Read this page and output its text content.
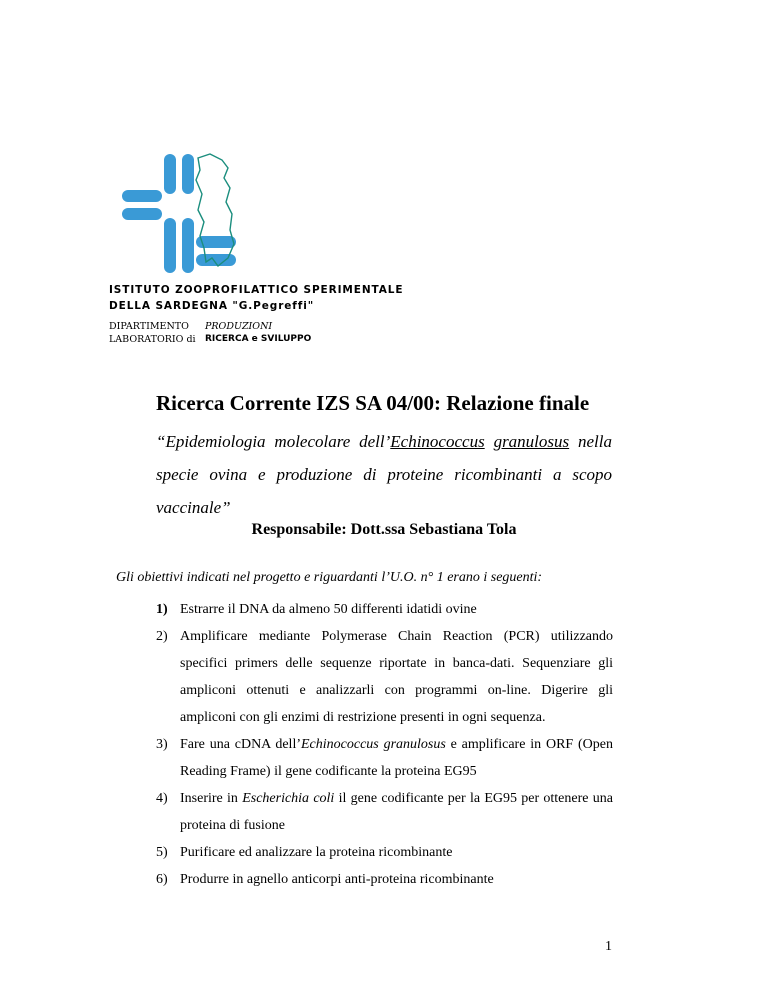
ISTITUTO ZOOPROFILATTICO SPERIMENTALE
DELLA SARDEGNA "G.Pegreffi"
DIPARTIMENTO PRODUZIONI
LABORATORIO di RICERCA e SVILUPPO
Ricerca Corrente IZS SA 04/00: Relazione finale
“Epidemiologia molecolare dell’Echinococcus granulosus nella specie ovina e produzione di proteine ricombinanti a scopo vaccinale”
Responsabile: Dott.ssa Sebastiana Tola
Gli obiettivi indicati nel progetto e riguardanti l’U.O. n° 1 erano i seguenti:
1) Estrarre il DNA da almeno 50 differenti idatidi ovine
2) Amplificare mediante Polymerase Chain Reaction (PCR) utilizzando specifici primers delle sequenze riportate in banca-dati. Sequenziare gli ampliconi ottenuti e analizzarli con programmi on-line. Digerire gli ampliconi con gli enzimi di restrizione presenti in ogni sequenza.
3) Fare una cDNA dell’Echinococcus granulosus e amplificare in ORF (Open Reading Frame) il gene codificante la proteina EG95
4) Inserire in Escherichia coli il gene codificante per la EG95 per ottenere una proteina di fusione
5) Purificare ed analizzare la proteina ricombinante
6) Produrre in agnello anticorpi anti-proteina ricombinante
1
